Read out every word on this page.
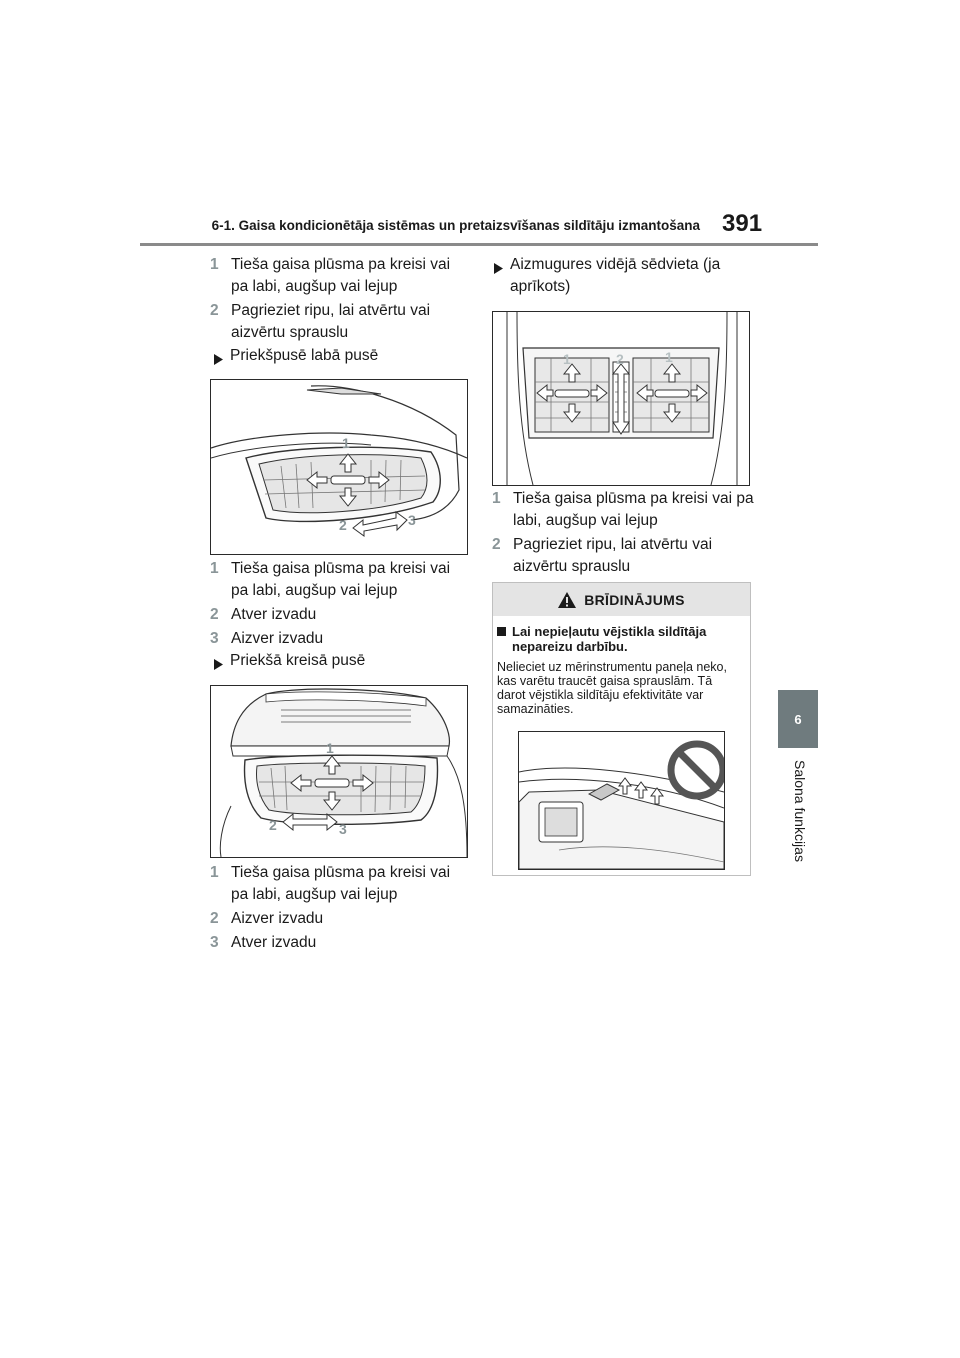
6-1. Gaisa kondicionētāja sistēmas un pretaizsvīšanas sildītāju izmantošana 391
6
Salona funkcijas
1 Tieša gaisa plūsma pa kreisi vai pa labi, augšup vai lejup
2 Pagrieziet ripu, lai atvērtu vai aizvērtu sprauslu
Priekšpusē labā pusē
1
2	3
1 Tieša gaisa plūsma pa kreisi vai pa labi, augšup vai lejup
2 Atver izvadu
3 Aizver izvadu
Priekšā kreisā pusē
1
2	3
1 Tieša gaisa plūsma pa kreisi vai pa labi, augšup vai lejup
2 Aizver izvadu
3 Atver izvadu
Aizmugures vidējā sēdvieta (ja aprīkots)
1	2	1
1 Tieša gaisa plūsma pa kreisi vai pa labi, augšup vai lejup
2 Pagrieziet ripu, lai atvērtu vai aizvērtu sprauslu
BRĪDINĀJUMS
Lai nepieļautu vējstikla sildītāja nepareizu darbību.
Nelieciet uz mērinstrumentu paneļa neko, kas varētu traucēt gaisa sprauslām. Tā darot vējstikla sildītāju efektivitāte var samazināties.
